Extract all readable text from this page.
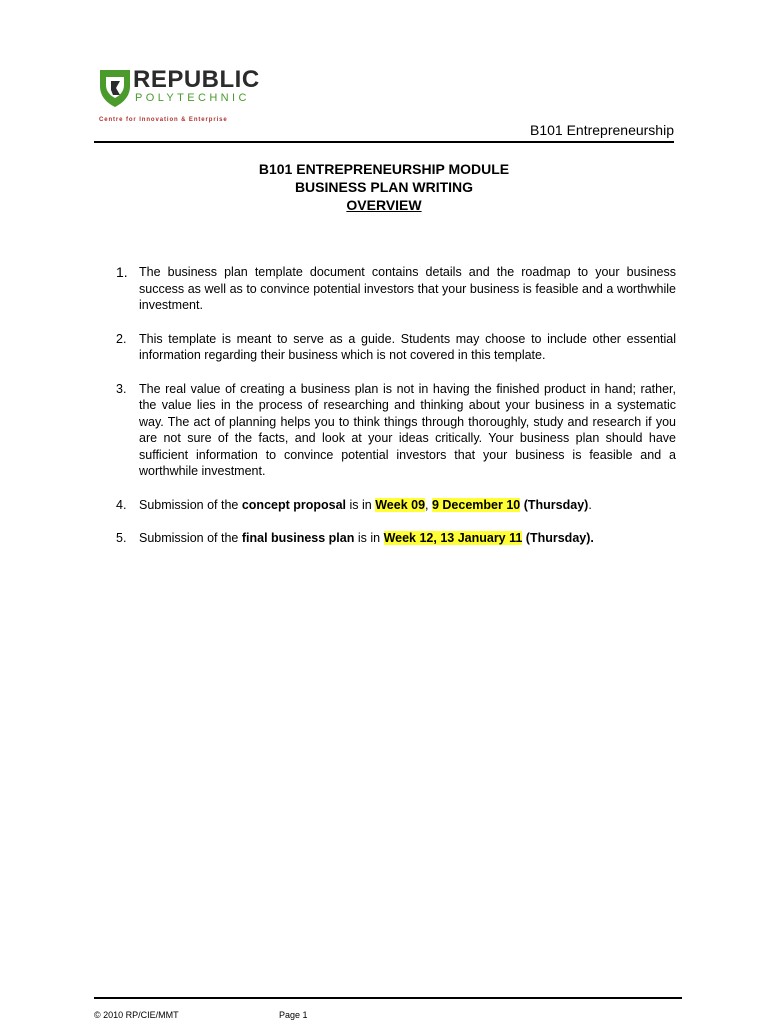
REPUBLIC
POLYTECHNIC
Centre for Innovation & Enterprise
B101 Entrepreneurship
B101 ENTREPRENEURSHIP MODULE
BUSINESS PLAN WRITING
OVERVIEW
1. The business plan template document contains details and the roadmap to your business success as well as to convince potential investors that your business is feasible and a worthwhile investment.
2. This template is meant to serve as a guide. Students may choose to include other essential information regarding their business which is not covered in this template.
3. The real value of creating a business plan is not in having the finished product in hand; rather, the value lies in the process of researching and thinking about your business in a systematic way. The act of planning helps you to think things through thoroughly, study and research if you are not sure of the facts, and look at your ideas critically. Your business plan should have sufficient information to convince potential investors that your business is feasible and a worthwhile investment.
4. Submission of the concept proposal is in Week 09, 9 December 10 (Thursday).
5. Submission of the final business plan is in Week 12, 13 January 11 (Thursday).
© 2010 RP/CIE/MMT	Page 1
